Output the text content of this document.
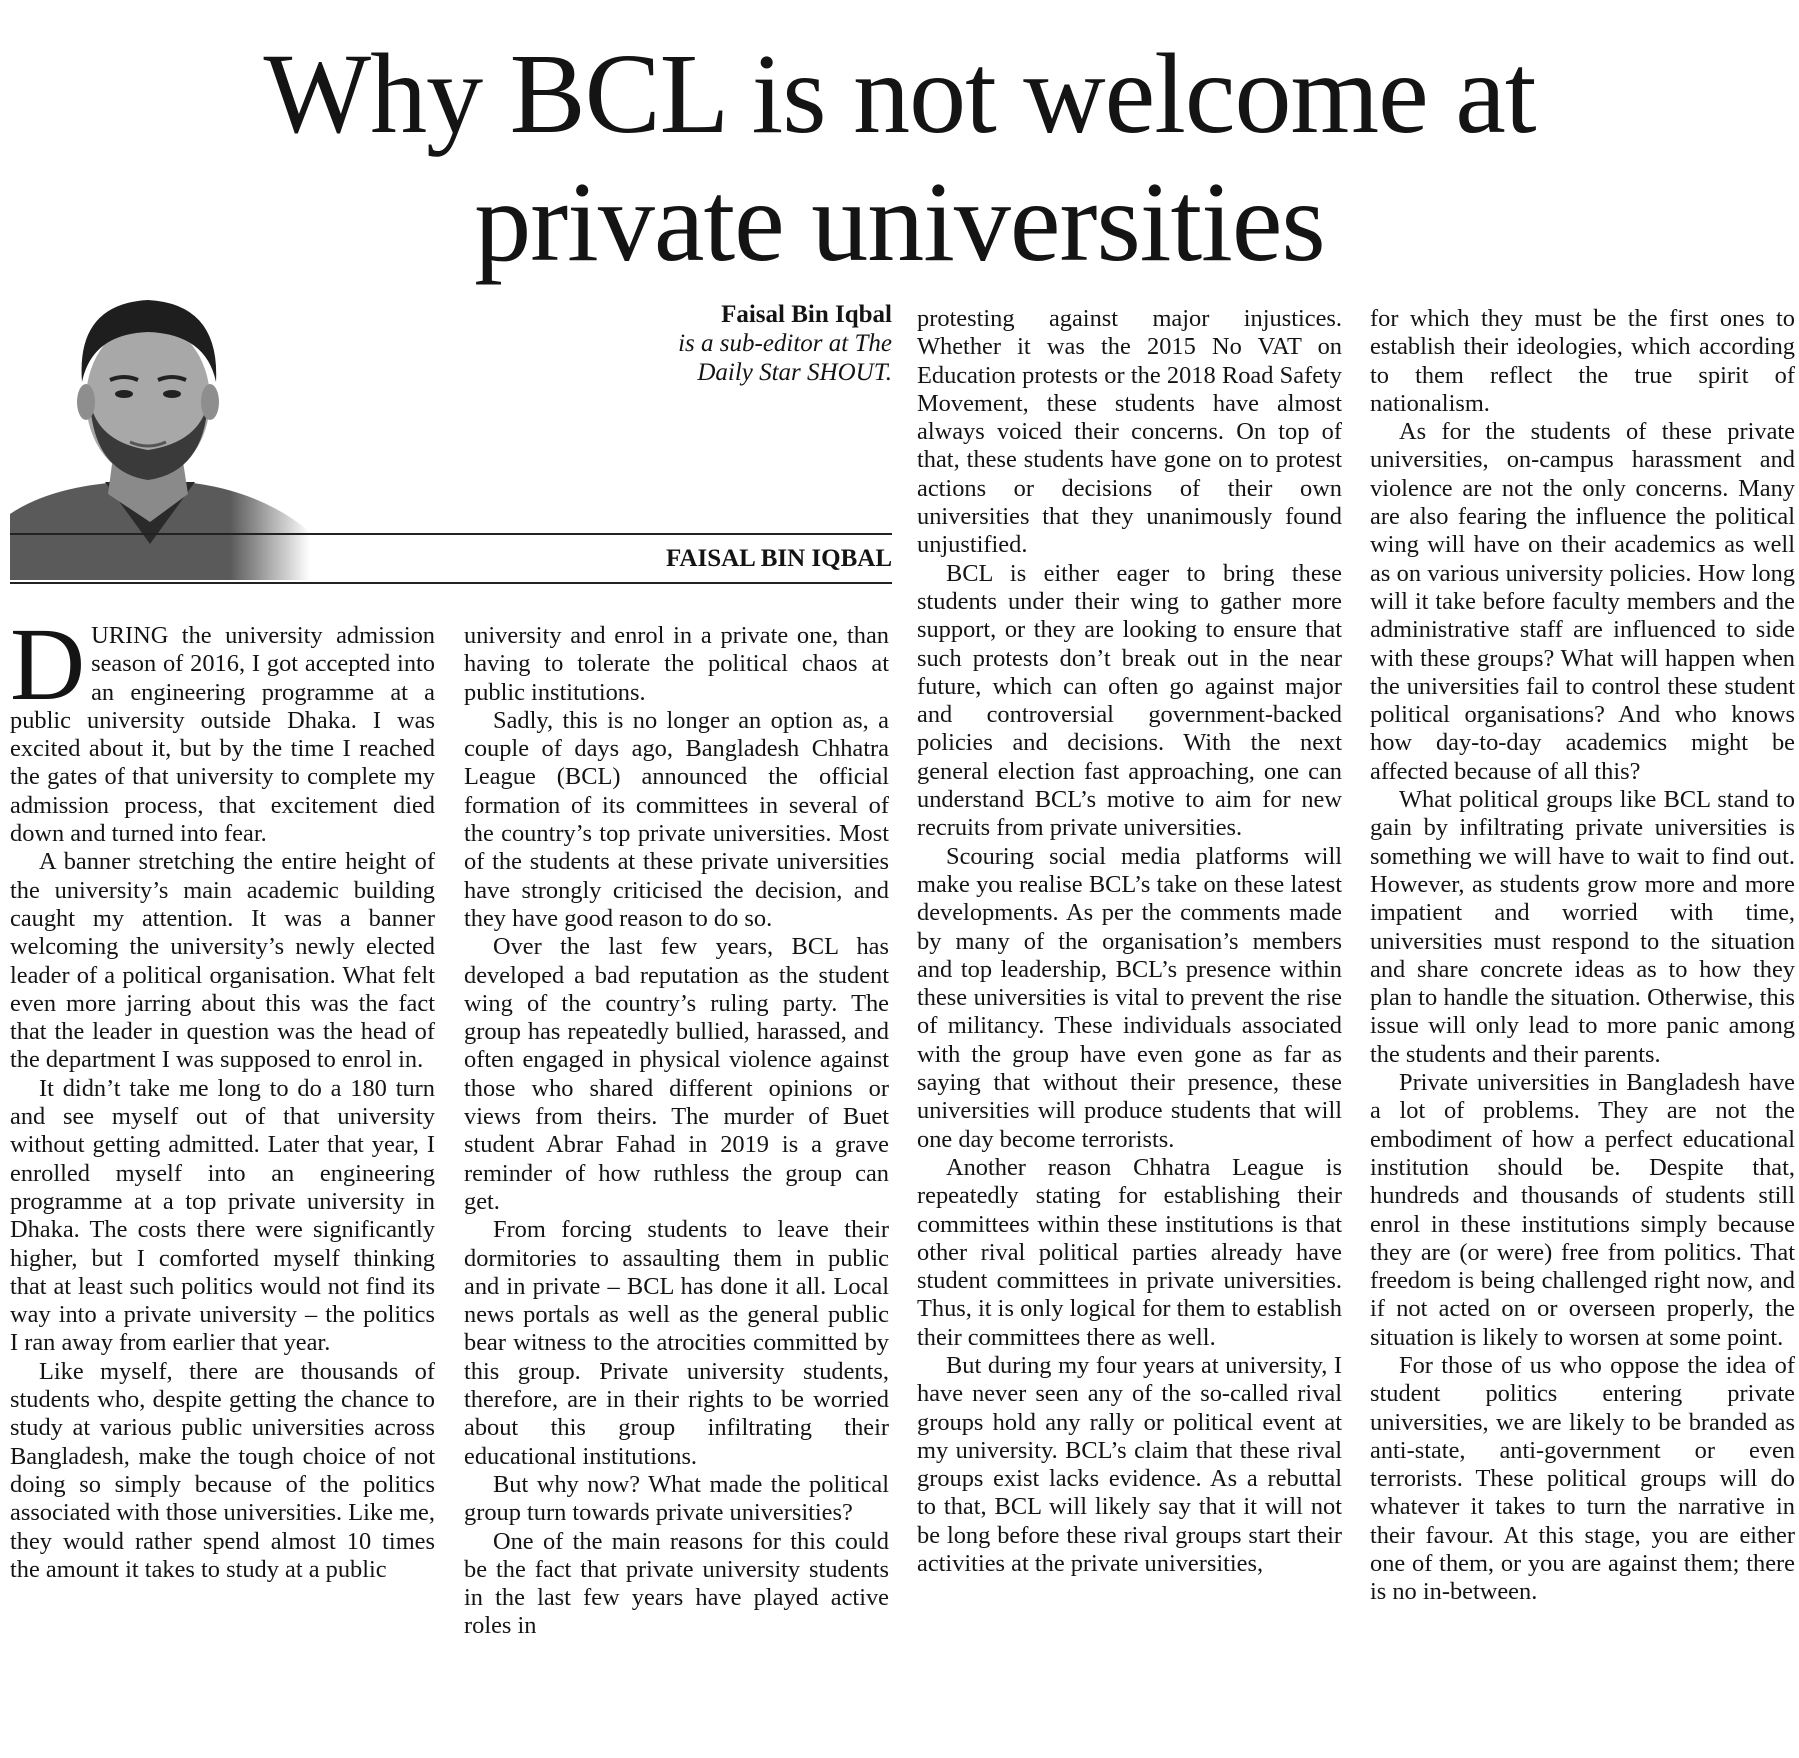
Why BCL is not welcome at
private universities
Faisal Bin Iqbal
is a sub-editor at The
Daily Star SHOUT.
FAISAL BIN IQBAL

DURING the university admission season of 2016, I got accepted into an engineering programme at a public university outside Dhaka. I was excited about it, but by the time I reached the gates of that university to complete my admission process, that excitement died down and turned into fear.

A banner stretching the entire height of the university’s main academic building caught my attention. It was a banner welcoming the university’s newly elected leader of a political organisation. What felt even more jarring about this was the fact that the leader in question was the head of the department I was supposed to enrol in.

It didn’t take me long to do a 180 turn and see myself out of that university without getting admitted. Later that year, I enrolled myself into an engineering programme at a top private university in Dhaka. The costs there were significantly higher, but I comforted myself thinking that at least such politics would not find its way into a private university – the politics I ran away from earlier that year.

Like myself, there are thousands of students who, despite getting the chance to study at various public universities across Bangladesh, make the tough choice of not doing so simply because of the politics associated with those universities. Like me, they would rather spend almost 10 times the amount it takes to study at a public

university and enrol in a private one, than having to tolerate the political chaos at public institutions.

Sadly, this is no longer an option as, a couple of days ago, Bangladesh Chhatra League (BCL) announced the official formation of its committees in several of the country’s top private universities. Most of the students at these private universities have strongly criticised the decision, and they have good reason to do so.

Over the last few years, BCL has developed a bad reputation as the student wing of the country’s ruling party. The group has repeatedly bullied, harassed, and often engaged in physical violence against those who shared different opinions or views from theirs. The murder of Buet student Abrar Fahad in 2019 is a grave reminder of how ruthless the group can get.

From forcing students to leave their dormitories to assaulting them in public and in private – BCL has done it all. Local news portals as well as the general public bear witness to the atrocities committed by this group. Private university students, therefore, are in their rights to be worried about this group infiltrating their educational institutions.

But why now? What made the political group turn towards private universities?

One of the main reasons for this could be the fact that private university students in the last few years have played active roles in

protesting against major injustices. Whether it was the 2015 No VAT on Education protests or the 2018 Road Safety Movement, these students have almost always voiced their concerns. On top of that, these students have gone on to protest actions or decisions of their own universities that they unanimously found unjustified.

BCL is either eager to bring these students under their wing to gather more support, or they are looking to ensure that such protests don’t break out in the near future, which can often go against major and controversial government-backed policies and decisions. With the next general election fast approaching, one can understand BCL’s motive to aim for new recruits from private universities.

Scouring social media platforms will make you realise BCL’s take on these latest developments. As per the comments made by many of the organisation’s members and top leadership, BCL’s presence within these universities is vital to prevent the rise of militancy. These individuals associated with the group have even gone as far as saying that without their presence, these universities will produce students that will one day become terrorists.

Another reason Chhatra League is repeatedly stating for establishing their committees within these institutions is that other rival political parties already have student committees in private universities. Thus, it is only logical for them to establish their committees there as well.

But during my four years at university, I have never seen any of the so-called rival groups hold any rally or political event at my university. BCL’s claim that these rival groups exist lacks evidence. As a rebuttal to that, BCL will likely say that it will not be long before these rival groups start their activities at the private universities,

for which they must be the first ones to establish their ideologies, which according to them reflect the true spirit of nationalism.

As for the students of these private universities, on-campus harassment and violence are not the only concerns. Many are also fearing the influence the political wing will have on their academics as well as on various university policies. How long will it take before faculty members and the administrative staff are influenced to side with these groups? What will happen when the universities fail to control these student political organisations? And who knows how day-to-day academics might be affected because of all this?

What political groups like BCL stand to gain by infiltrating private universities is something we will have to wait to find out. However, as students grow more and more impatient and worried with time, universities must respond to the situation and share concrete ideas as to how they plan to handle the situation. Otherwise, this issue will only lead to more panic among the students and their parents.

Private universities in Bangladesh have a lot of problems. They are not the embodiment of how a perfect educational institution should be. Despite that, hundreds and thousands of students still enrol in these institutions simply because they are (or were) free from politics. That freedom is being challenged right now, and if not acted on or overseen properly, the situation is likely to worsen at some point.

For those of us who oppose the idea of student politics entering private universities, we are likely to be branded as anti-state, anti-government or even terrorists. These political groups will do whatever it takes to turn the narrative in their favour. At this stage, you are either one of them, or you are against them; there is no in-between.
